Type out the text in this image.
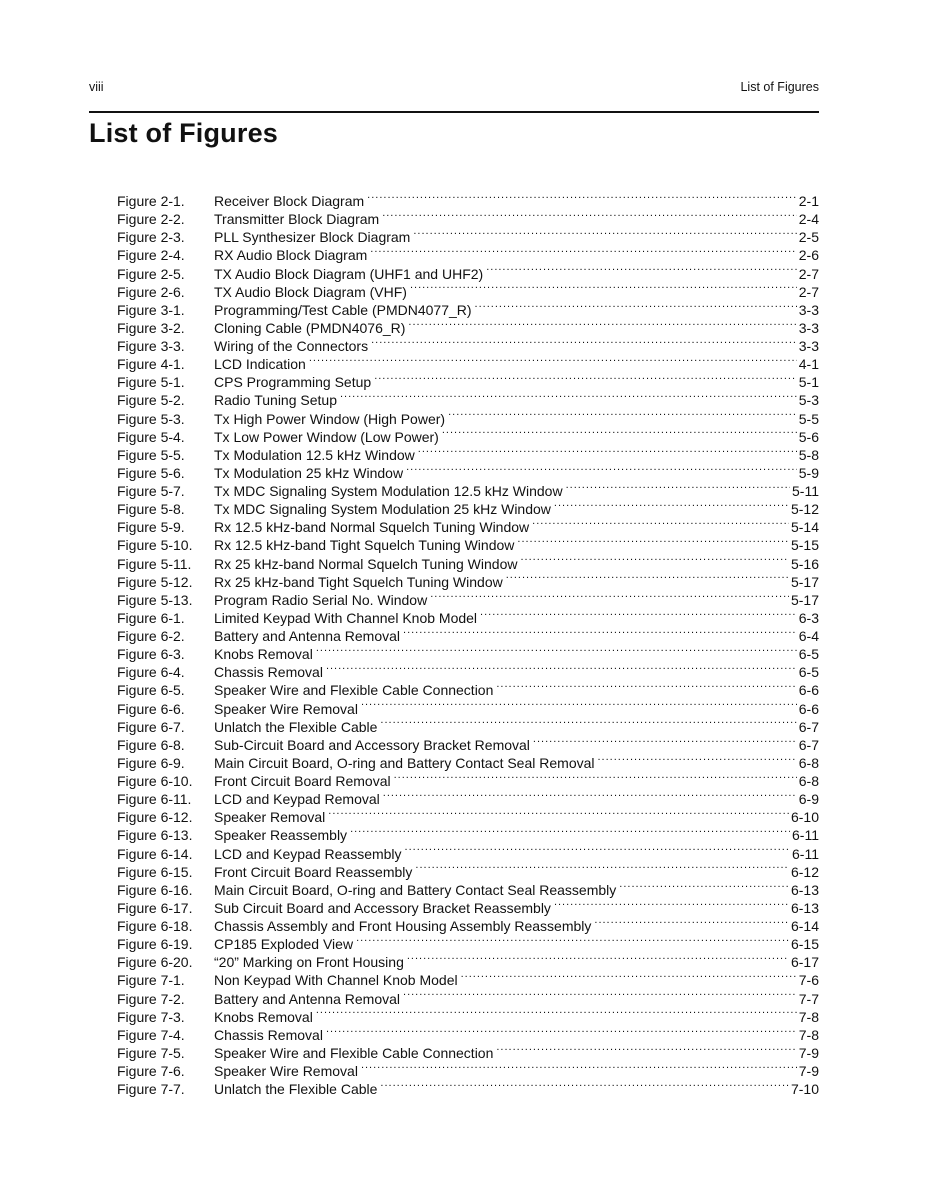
viii	List of Figures
List of Figures
Figure 2-1.	Receiver Block Diagram .....	2-1
Figure 2-2.	Transmitter Block Diagram .....	2-4
Figure 2-3.	PLL Synthesizer Block Diagram .....	2-5
Figure 2-4.	RX Audio Block Diagram .....	2-6
Figure 2-5.	TX Audio Block Diagram (UHF1 and UHF2) .....	2-7
Figure 2-6.	TX Audio Block Diagram (VHF) .....	2-7
Figure 3-1.	Programming/Test Cable (PMDN4077_R) .....	3-3
Figure 3-2.	Cloning Cable (PMDN4076_R) .....	3-3
Figure 3-3.	Wiring of the Connectors .....	3-3
Figure 4-1.	LCD Indication .....	4-1
Figure 5-1.	CPS Programming Setup .....	5-1
Figure 5-2.	Radio Tuning Setup .....	5-3
Figure 5-3.	Tx High Power Window (High Power) .....	5-5
Figure 5-4.	Tx Low Power Window (Low Power) .....	5-6
Figure 5-5.	Tx Modulation 12.5 kHz Window .....	5-8
Figure 5-6.	Tx Modulation 25 kHz Window .....	5-9
Figure 5-7.	Tx MDC Signaling System Modulation 12.5 kHz Window .....	5-11
Figure 5-8.	Tx MDC Signaling System Modulation 25 kHz Window .....	5-12
Figure 5-9.	Rx 12.5 kHz-band Normal Squelch Tuning Window .....	5-14
Figure 5-10.	Rx 12.5 kHz-band Tight Squelch Tuning Window .....	5-15
Figure 5-11.	Rx 25 kHz-band Normal Squelch Tuning Window .....	5-16
Figure 5-12.	Rx 25 kHz-band Tight Squelch Tuning Window .....	5-17
Figure 5-13.	Program Radio Serial No. Window .....	5-17
Figure 6-1.	Limited Keypad With Channel Knob Model .....	6-3
Figure 6-2.	Battery and Antenna Removal .....	6-4
Figure 6-3.	Knobs Removal .....	6-5
Figure 6-4.	Chassis Removal .....	6-5
Figure 6-5.	Speaker Wire and Flexible Cable Connection .....	6-6
Figure 6-6.	Speaker Wire Removal .....	6-6
Figure 6-7.	Unlatch the Flexible Cable .....	6-7
Figure 6-8.	Sub-Circuit Board and Accessory Bracket Removal .....	6-7
Figure 6-9.	Main Circuit Board, O-ring and Battery Contact Seal Removal .....	6-8
Figure 6-10.	Front Circuit Board Removal .....	6-8
Figure 6-11.	LCD and Keypad Removal .....	6-9
Figure 6-12.	Speaker Removal .....	6-10
Figure 6-13.	Speaker Reassembly .....	6-11
Figure 6-14.	LCD and Keypad Reassembly .....	6-11
Figure 6-15.	Front Circuit Board Reassembly .....	6-12
Figure 6-16.	Main Circuit Board, O-ring and Battery Contact Seal Reassembly .....	6-13
Figure 6-17.	Sub Circuit Board and Accessory Bracket Reassembly .....	6-13
Figure 6-18.	Chassis Assembly and Front Housing Assembly Reassembly .....	6-14
Figure 6-19.	CP185 Exploded View .....	6-15
Figure 6-20.	“20” Marking on Front Housing .....	6-17
Figure 7-1.	Non Keypad With Channel Knob Model .....	7-6
Figure 7-2.	Battery and Antenna Removal .....	7-7
Figure 7-3.	Knobs Removal .....	7-8
Figure 7-4.	Chassis Removal .....	7-8
Figure 7-5.	Speaker Wire and Flexible Cable Connection .....	7-9
Figure 7-6.	Speaker Wire Removal .....	7-9
Figure 7-7.	Unlatch the Flexible Cable .....	7-10
